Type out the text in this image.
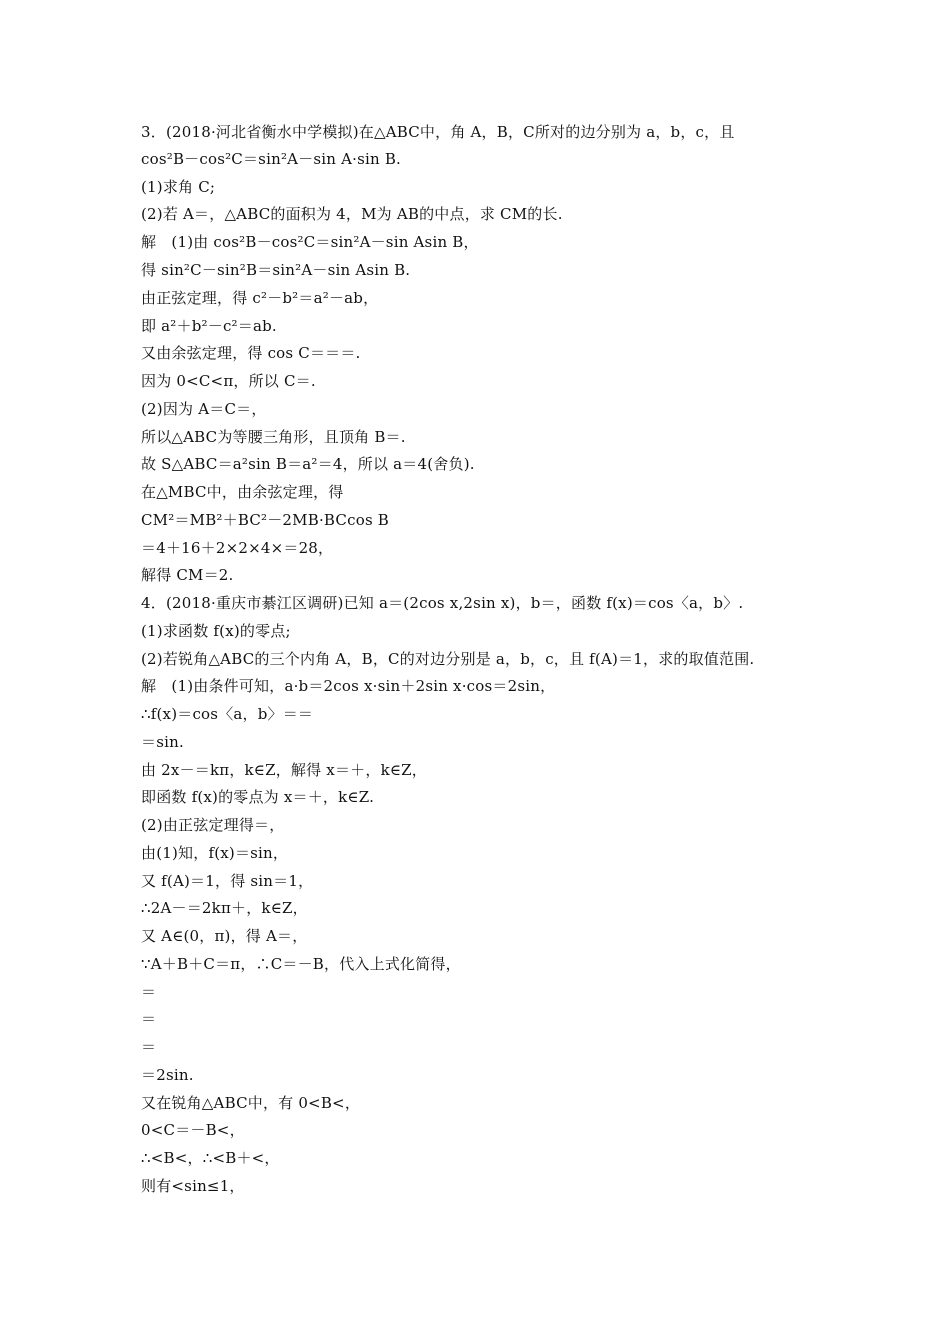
3．(2018·河北省衡水中学模拟)在△ABC中，角 A，B，C所对的边分别为 a，b，c，且
cos²B－cos²C＝sin²A－sin A·sin B.
(1)求角 C;
(2)若 A＝，△ABC的面积为 4，M为 AB的中点，求 CM的长.
解　(1)由 cos²B－cos²C＝sin²A－sin Asin B，
得 sin²C－sin²B＝sin²A－sin Asin B.
由正弦定理，得 c²－b²＝a²－ab，
即 a²＋b²－c²＝ab.
又由余弦定理，得 cos C＝＝＝.
因为 0<C<π，所以 C＝.
(2)因为 A＝C＝，
所以△ABC为等腰三角形，且顶角 B＝.
故 S△ABC＝a²sin B＝a²＝4，所以 a＝4(舍负).
在△MBC中，由余弦定理，得
CM²＝MB²＋BC²－2MB·BCcos B
＝4＋16＋2×2×4×＝28，
解得 CM＝2.
4．(2018·重庆市綦江区调研)已知 a＝(2cos x,2sin x)，b＝，函数 f(x)＝cos〈a，b〉.
(1)求函数 f(x)的零点;
(2)若锐角△ABC的三个内角 A，B，C的对边分别是 a，b，c，且 f(A)＝1，求的取值范围.
解　(1)由条件可知，a·b＝2cos x·sin＋2sin x·cos＝2sin，
∴f(x)＝cos〈a，b〉＝＝
＝sin.
由 2x－＝kπ，k∈Z，解得 x＝＋，k∈Z，
即函数 f(x)的零点为 x＝＋，k∈Z.
(2)由正弦定理得＝，
由(1)知，f(x)＝sin，
又 f(A)＝1，得 sin＝1，
∴2A－＝2kπ＋，k∈Z，
又 A∈(0，π)，得 A＝，
∵A＋B＋C＝π，∴C＝－B，代入上式化简得，
＝
＝
＝
＝2sin.
又在锐角△ABC中，有 0<B<，
0<C＝－B<，
∴<B<，∴<B＋<，
则有<sin≤1，
